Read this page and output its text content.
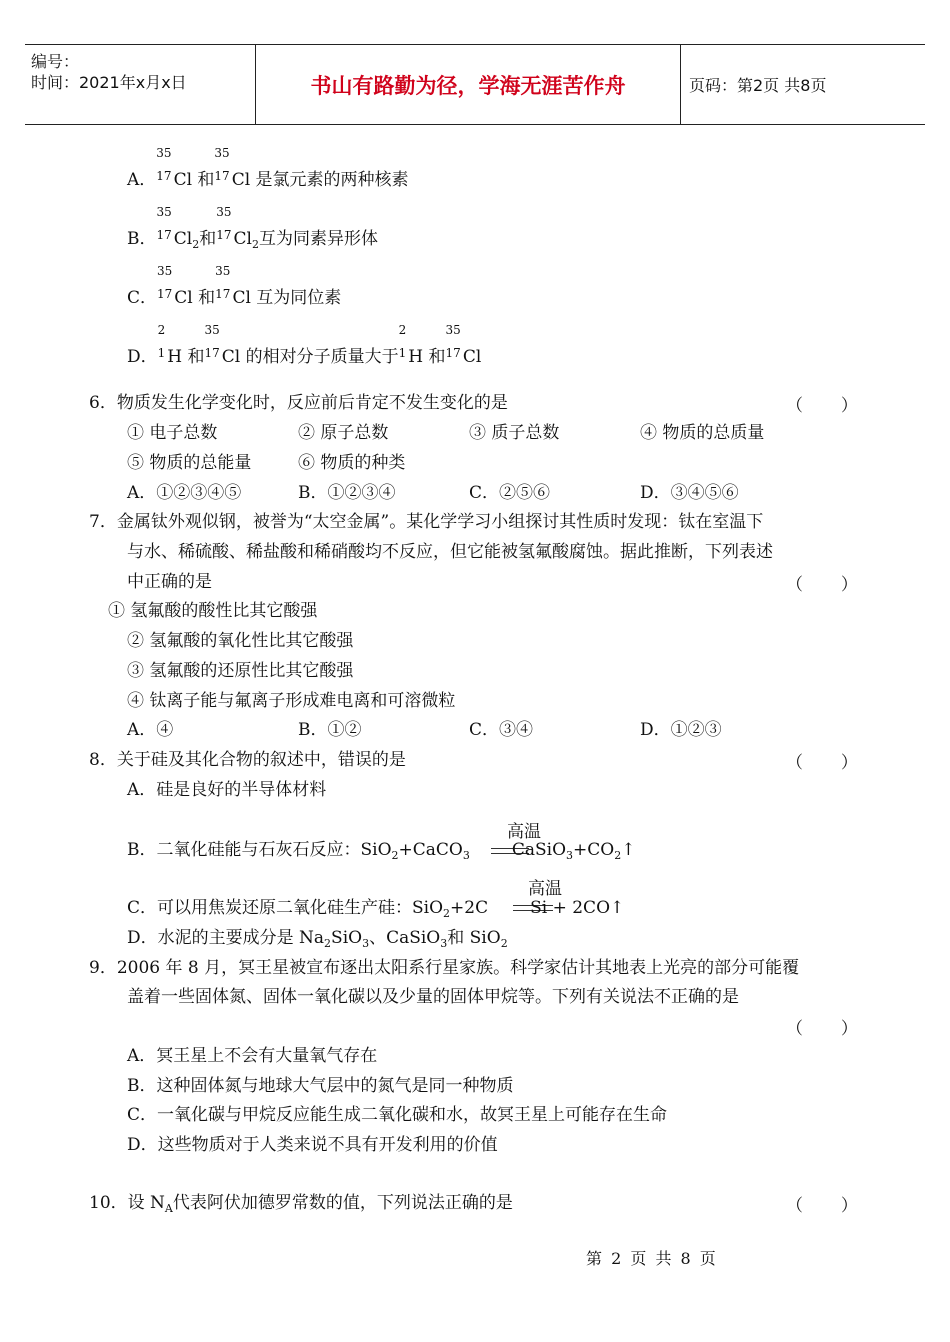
编号：
时间：2021年x月x日	书山有路勤为径，学海无涯苦作舟	页码：第2页 共8页
A．
35
$^{17}$ Cl 和
35
$^{17}$ Cl 是氯元素的两种核素
B．
35
$^{17}$ $Cl_2$和
35
$^{17}$ $Cl_2$互为同素异形体
C．
35
$^{17}$ Cl 和
35
$^{17}$ Cl 互为同位素
D．
2
$^1$ H 和
35
$^{17}$ Cl 的相对分子质量大于
2
$^1$ H 和
35
$^{17}$ Cl
6．物质发生化学变化时，反应前后肯定不发生变化的是	（       ）
① 电子总数	② 原子总数	③ 质子总数	④ 物质的总质量
⑤ 物质的总能量	⑥ 物质的种类
A．①②③④⑤	B．①②③④	C．②⑤⑥	D．③④⑤⑥
7．金属钛外观似钢，被誉为“太空金属”。某化学学习小组探讨其性质时发现：钛在室温下
与水、稀硫酸、稀盐酸和稀硝酸均不反应，但它能被氢氟酸腐蚀。据此推断，下列表述
中正确的是	（       ）
① 氢氟酸的酸性比其它酸强
② 氢氟酸的氧化性比其它酸强
③ 氢氟酸的还原性比其它酸强
④ 钛离子能与氟离子形成难电离和可溶微粒
A．④	B．①②	C．③④	D．①②③
8．关于硅及其化合物的叙述中，错误的是	（       ）
A．硅是良好的半导体材料
高温
B．二氧化硅能与石灰石反应：SiO$_2$+CaCO$_3$ $CaSiO_3+CO_2↑$
高温
C．可以用焦炭还原二氧化硅生产硅：SiO$_2$+2C Si + 2CO↑
D．水泥的主要成分是 $Na_2SiO_3$、CaSiO$_3$和 SiO$_2$
9．2006 年 8 月，冥王星被宣布逐出太阳系行星家族。科学家估计其地表上光亮的部分可能覆
盖着一些固体氮、固体一氧化碳以及少量的固体甲烷等。下列有关说法不正确的是
（       ）
A．冥王星上不会有大量氧气存在
B．这种固体氮与地球大气层中的氮气是同一种物质
C．一氧化碳与甲烷反应能生成二氧化碳和水，故冥王星上可能存在生命
D．这些物质对于人类来说不具有开发利用的价值
10．设 $N_A$代表阿伏加德罗常数的值，下列说法正确的是	（       ）
第 2 页 共 8 页
